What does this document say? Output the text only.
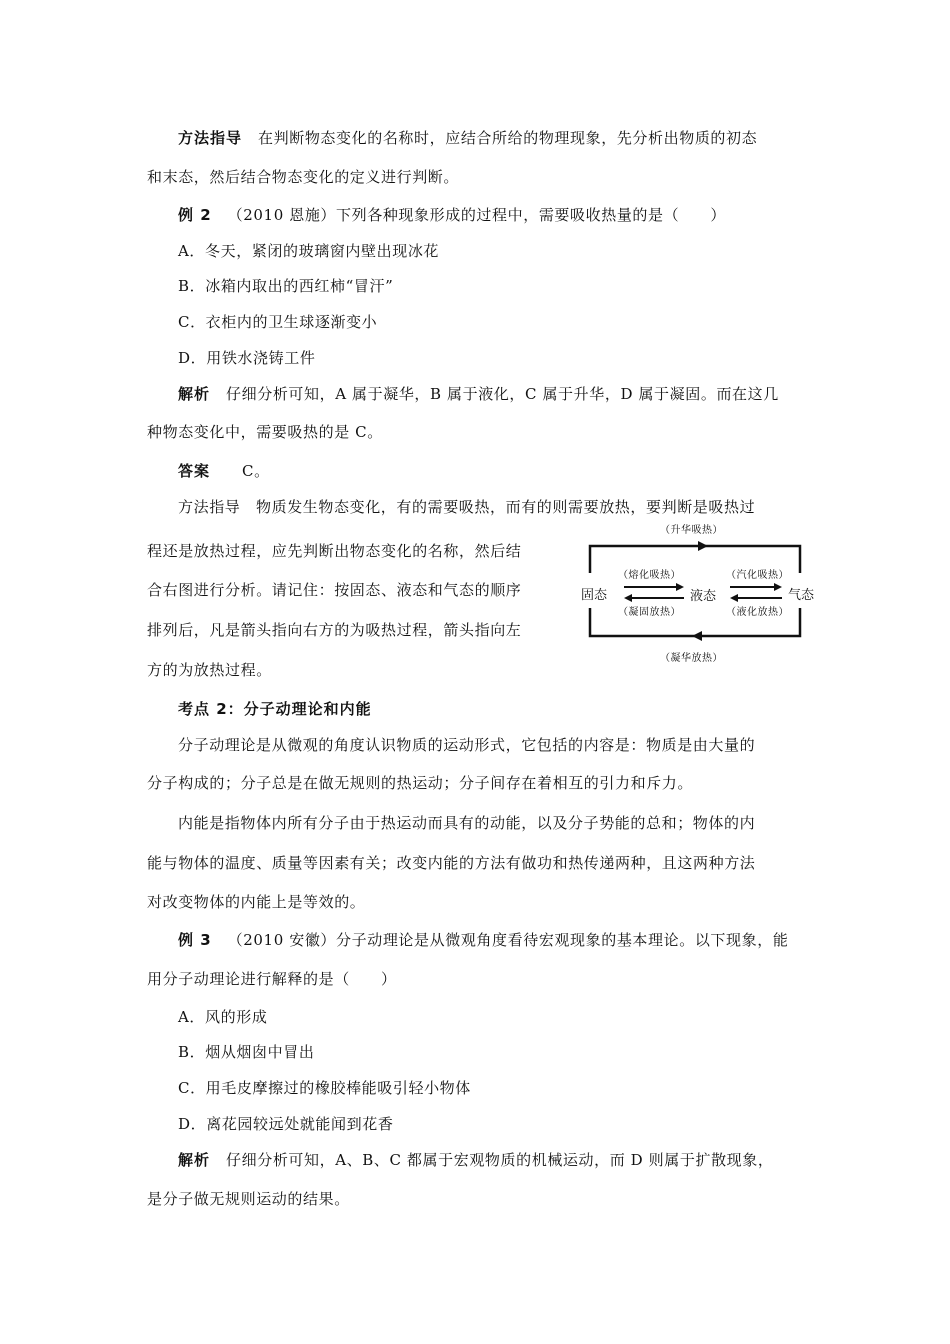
方法指导 在判断物态变化的名称时，应结合所给的物理现象，先分析出物质的初态
和末态，然后结合物态变化的定义进行判断。
例 2 （2010 恩施）下列各种现象形成的过程中，需要吸收热量的是（　　）
A．冬天，紧闭的玻璃窗内壁出现冰花
B．冰箱内取出的西红柿“冒汗”
C．衣柜内的卫生球逐渐变小
D．用铁水浇铸工件
解析 仔细分析可知，A 属于凝华，B 属于液化，C 属于升华，D 属于凝固。而在这几
种物态变化中，需要吸热的是 C。
答案 C。
方法指导　物质发生物态变化，有的需要吸热，而有的则需要放热，要判断是吸热过
程还是放热过程，应先判断出物态变化的名称，然后结
合右图进行分析。请记住：按固态、液态和气态的顺序
排列后，凡是箭头指向右方的为吸热过程，箭头指向左
方的为放热过程。
（升华吸热）
（熔化吸热）
（凝固放热）
（汽化吸热）
（液化放热）
（凝华放热）
固态	液态	气态
考点 2：分子动理论和内能
分子动理论是从微观的角度认识物质的运动形式，它包括的内容是：物质是由大量的
分子构成的；分子总是在做无规则的热运动；分子间存在着相互的引力和斥力。
内能是指物体内所有分子由于热运动而具有的动能，以及分子势能的总和；物体的内
能与物体的温度、质量等因素有关；改变内能的方法有做功和热传递两种，且这两种方法
对改变物体的内能上是等效的。
例 3 （2010 安徽）分子动理论是从微观角度看待宏观现象的基本理论。以下现象，能
用分子动理论进行解释的是（　　）
A．风的形成
B．烟从烟囱中冒出
C．用毛皮摩擦过的橡胶棒能吸引轻小物体
D．离花园较远处就能闻到花香
解析 仔细分析可知，A、B、C 都属于宏观物质的机械运动，而 D 则属于扩散现象，
是分子做无规则运动的结果。
